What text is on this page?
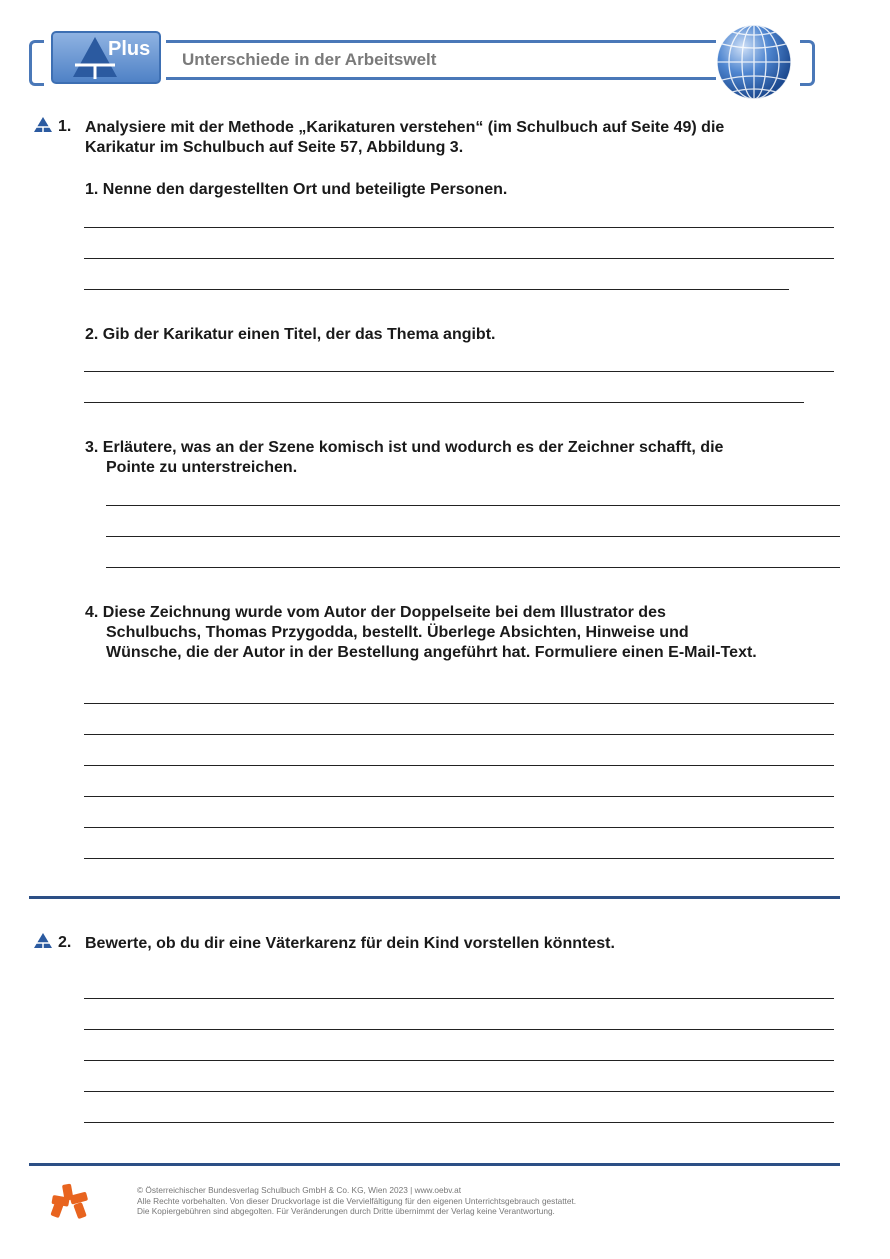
Plus Unterschiede in der Arbeitswelt
1. Analysiere mit der Methode „Karikaturen verstehen“ (im Schulbuch auf Seite 49) die
Karikatur im Schulbuch auf Seite 57, Abbildung 3.
1. Nenne den dargestellten Ort und beteiligte Personen.
2. Gib der Karikatur einen Titel, der das Thema angibt.
3. Erläutere, was an der Szene komisch ist und wodurch es der Zeichner schafft, die
Pointe zu unterstreichen.
4. Diese Zeichnung wurde vom Autor der Doppelseite bei dem Illustrator des
Schulbuchs, Thomas Przygodda, bestellt. Überlege Absichten, Hinweise und
Wünsche, die der Autor in der Bestellung angeführt hat. Formuliere einen E-Mail-Text.
2. Bewerte, ob du dir eine Väterkarenz für dein Kind vorstellen könntest.
© Österreichischer Bundesverlag Schulbuch GmbH & Co. KG, Wien 2023 | www.oebv.at
Alle Rechte vorbehalten. Von dieser Druckvorlage ist die Vervielfältigung für den eigenen Unterrichtsgebrauch gestattet.
Die Kopiergebühren sind abgegolten. Für Veränderungen durch Dritte übernimmt der Verlag keine Verantwortung.
